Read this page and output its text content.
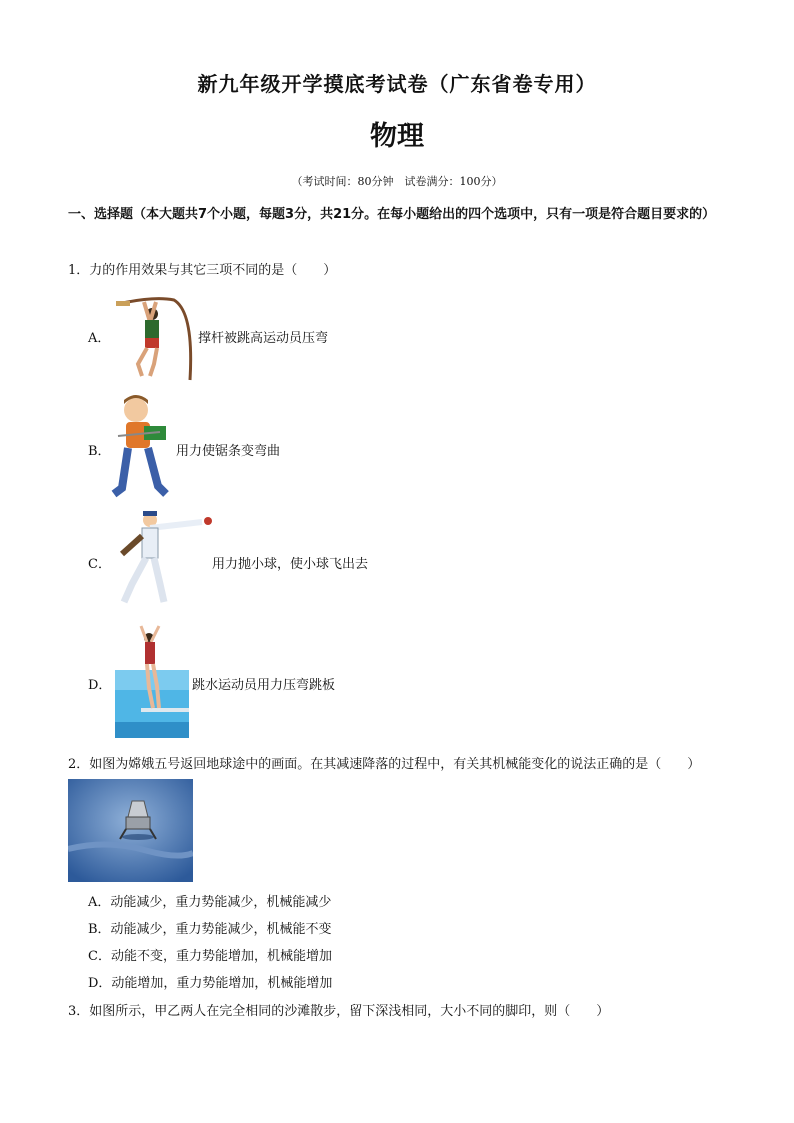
新九年级开学摸底考试卷（广东省卷专用）
物理
（考试时间：80分钟　试卷满分：100分）
一、选择题（本大题共7个小题，每题3分，共21分。在每小题给出的四个选项中，只有一项是符合题目要求的）
1．力的作用效果与其它三项不同的是（　　）
A．	撑杆被跳高运动员压弯
B．	用力使锯条变弯曲
C．	用力抛小球，使小球飞出去
D．	跳水运动员用力压弯跳板
2．如图为嫦娥五号返回地球途中的画面。在其减速降落的过程中，有关其机械能变化的说法正确的是（　　）
A．动能减少，重力势能减少，机械能减少
B．动能减少，重力势能减少，机械能不变
C．动能不变，重力势能增加，机械能增加
D．动能增加，重力势能增加，机械能增加
3．如图所示，甲乙两人在完全相同的沙滩散步，留下深浅相同，大小不同的脚印，则（　　）
